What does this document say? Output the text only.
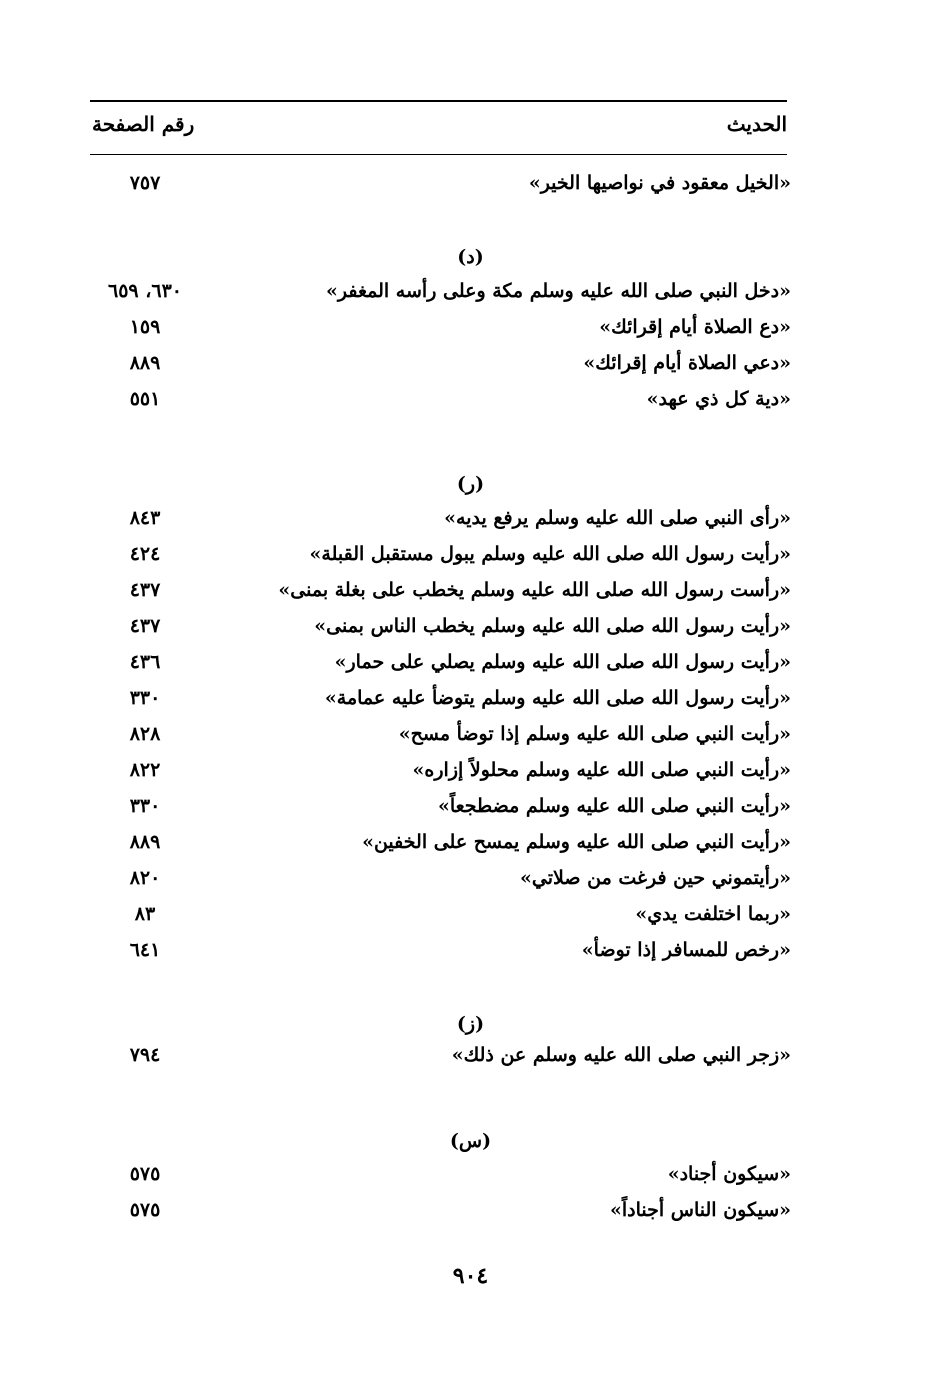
الحديث
رقم الصفحة
«الخيل معقود في نواصيها الخير»
٧٥٧
(د)
«دخل النبي صلى الله عليه وسلم مكة وعلى رأسه المغفر»
٦٣٠، ٦٥٩
«دع الصلاة أيام إقرائك»
١٥٩
«دعي الصلاة أيام إقرائك»
٨٨٩
«دية كل ذي عهد»
٥٥١
(ر)
«رأى النبي صلى الله عليه وسلم يرفع يديه»
٨٤٣
«رأيت رسول الله صلى الله عليه وسلم يبول مستقبل القبلة»
٤٢٤
«رأست رسول الله صلى الله عليه وسلم يخطب على بغلة بمنى»
٤٣٧
«رأيت رسول الله صلى الله عليه وسلم يخطب الناس بمنى»
٤٣٧
«رأيت رسول الله صلى الله عليه وسلم يصلي على حمار»
٤٣٦
«رأيت رسول الله صلى الله عليه وسلم يتوضأ عليه عمامة»
٣٣٠
«رأيت النبي صلى الله عليه وسلم إذا توضأ مسح»
٨٢٨
«رأيت النبي صلى الله عليه وسلم محلولاً إزاره»
٨٢٢
«رأيت النبي صلى الله عليه وسلم مضطجعاً»
٣٣٠
«رأيت النبي صلى الله عليه وسلم يمسح على الخفين»
٨٨٩
«رأيتموني حين فرغت من صلاتي»
٨٢٠
«ربما اختلفت يدي»
٨٣
«رخص للمسافر إذا توضأ»
٦٤١
(ز)
«زجر النبي صلى الله عليه وسلم عن ذلك»
٧٩٤
(س)
«سيكون أجناد»
٥٧٥
«سيكون الناس أجناداً»
٥٧٥
٩٠٤
